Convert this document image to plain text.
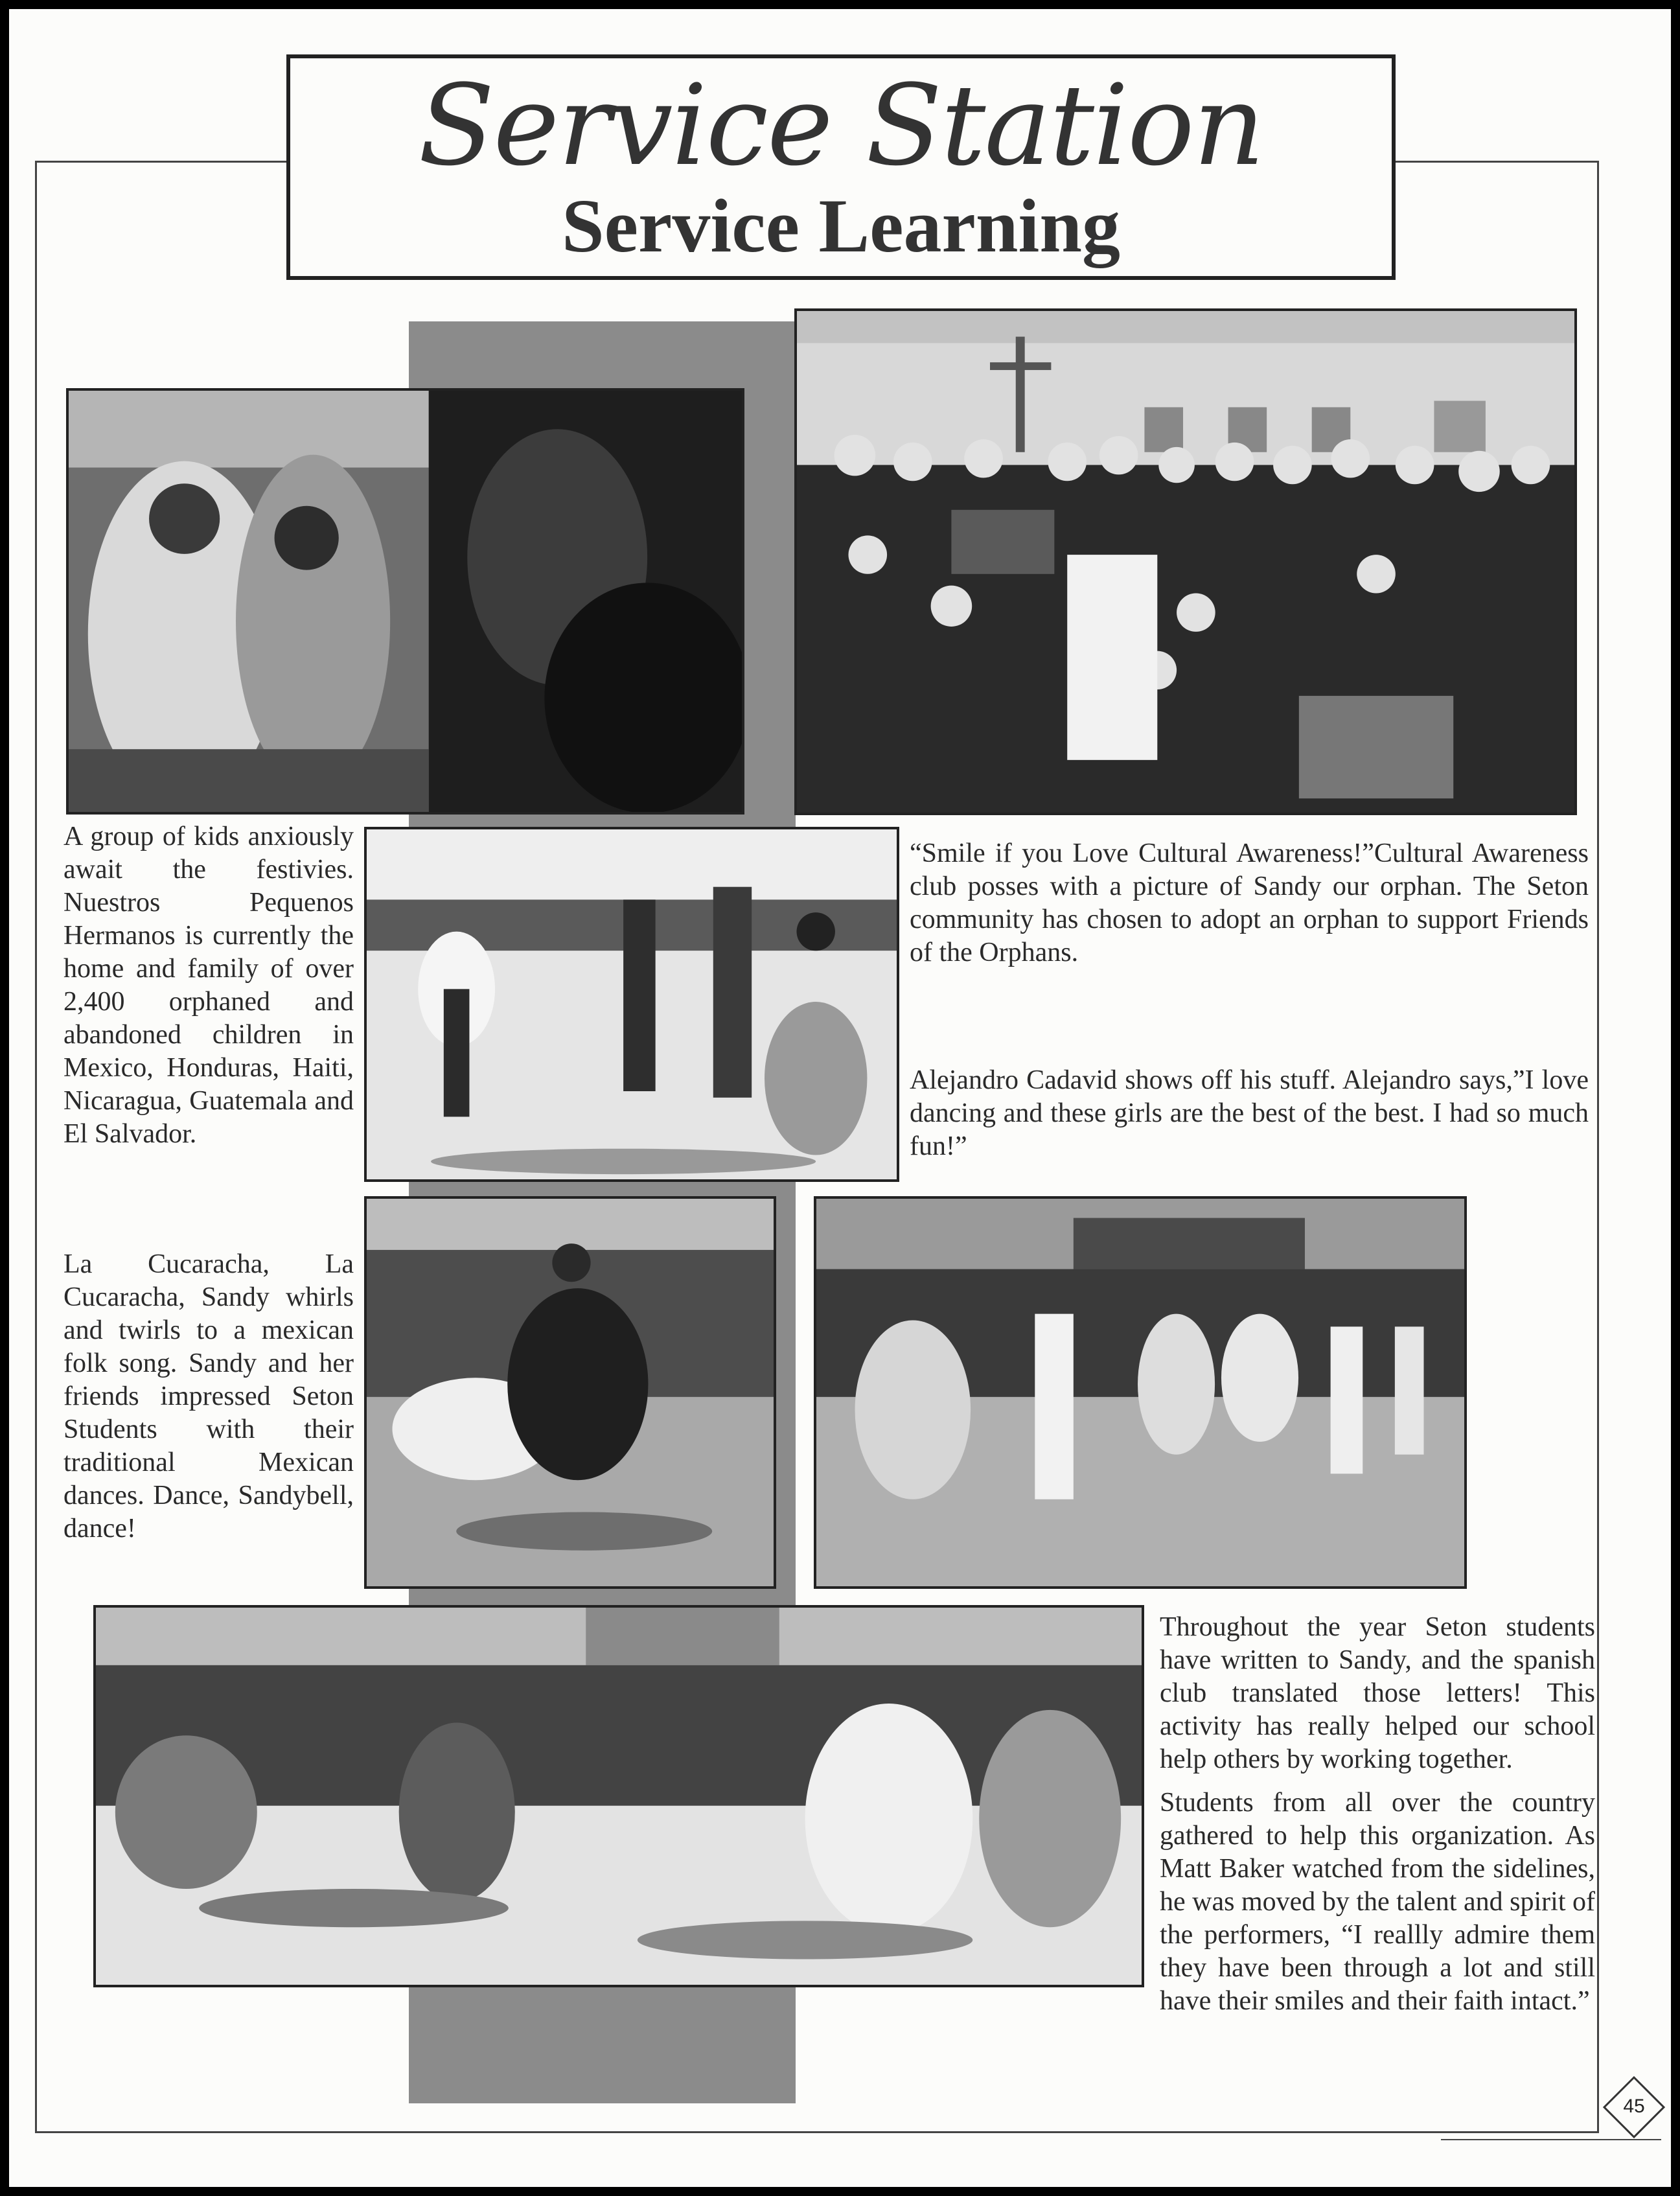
Service Station
Service Learning

A group of kids anxiously await the festivies. Nuestros Pequenos Hermanos is currently the home and family of over 2,400 orphaned and abandoned children in Mexico, Honduras, Haiti, Nicaragua, Guatemala and El Salvador.

“Smile if you Love Cultural Awareness!”Cultural Awareness club posses with a picture of Sandy our orphan. The Seton community has chosen to adopt an orphan to support Friends of the Orphans.

Alejandro Cadavid shows off his stuff. Alejandro says,”I love dancing and these girls are the best of the best. I had so much fun!”

La Cucaracha, La Cucaracha, Sandy whirls and twirls to a mexican folk song. Sandy and her friends impressed Seton Students with their traditional Mexican dances. Dance, Sandybell, dance!

Throughout the year Seton students have written to Sandy, and the spanish club translated those letters! This activity has really helped our school help others by working together.

Students from all over the country gathered to help this organization. As Matt Baker watched from the sidelines, he was moved by the talent and spirit of the performers, “I reallly admire them they have been through a lot and still have their smiles and their faith intact.”

45
